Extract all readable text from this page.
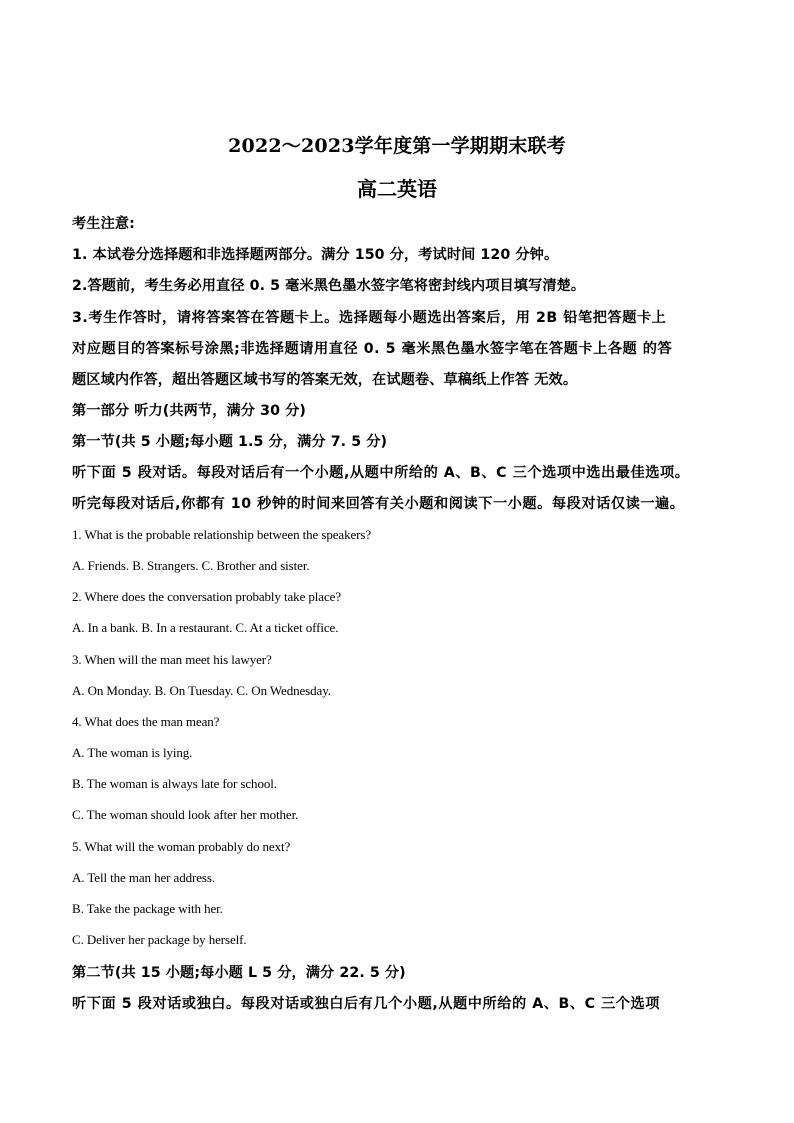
2022～2023学年度第一学期期末联考
高二英语
考生注意:
1. 本试卷分选择题和非选择题两部分。满分 150 分，考试时间 120 分钟。
2.答题前，考生务必用直径 0. 5 毫米黑色墨水签字笔将密封线内项目填写清楚。
3.考生作答时，请将答案答在答题卡上。选择题每小题选出答案后，用 2B 铅笔把答题卡上
对应题目的答案标号涂黑;非选择题请用直径 0. 5 毫米黑色墨水签字笔在答题卡上各题 的答
题区域内作答，超出答题区域书写的答案无效，在试题卷、草稿纸上作答 无效。
第一部分 听力(共两节，满分 30 分)
第一节(共 5 小题;每小题 1.5 分，满分 7. 5 分)
听下面 5 段对话。每段对话后有一个小题,从题中所给的 A、B、C 三个选项中选出最佳选项。
听完每段对话后,你都有 10 秒钟的时间来回答有关小题和阅读下一小题。每段对话仅读一遍。
1. What is the probable relationship between the speakers?
A. Friends. B. Strangers. C. Brother and sister.
2. Where does the conversation probably take place?
A. In a bank. B. In a restaurant. C. At a ticket office.
3. When will the man meet his lawyer?
A. On Monday. B. On Tuesday. C. On Wednesday.
4. What does the man mean?
A. The woman is lying.
B. The woman is always late for school.
C. The woman should look after her mother.
5. What will the woman probably do next?
A. Tell the man her address.
B. Take the package with her.
C. Deliver her package by herself.
第二节(共 15 小题;每小题 L 5 分，满分 22. 5 分)
听下面 5 段对话或独白。每段对话或独白后有几个小题,从题中所给的 A、B、C 三个选项
